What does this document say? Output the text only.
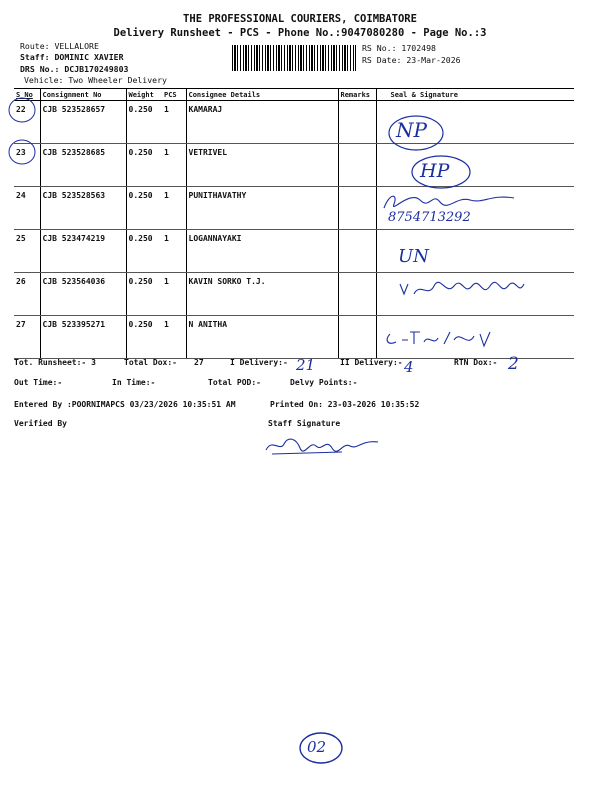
THE PROFESSIONAL COURIERS, COIMBATORE
Delivery Runsheet - PCS - Phone No.:9047080280 - Page No.:3
Route: VELLALORE
Staff: DOMINIC XAVIER
DRS No.: DCJB170249803
Vehicle: Two Wheeler Delivery
RS No.: 1702498
RS Date: 23-Mar-2026
S_No	Consignment No	Weight	PCS	Consignee Details	Remarks	Seal & Signature
22	CJB 523528657	0.250	1	KAMARAJ		
23	CJB 523528685	0.250	1	VETRIVEL		
24	CJB 523528563	0.250	1	PUNITHAVATHY		
25	CJB 523474219	0.250	1	LOGANNAYAKI		
26	CJB 523564036	0.250	1	KAVIN SORKO T.J.		
27	CJB 523395271	0.250	1	N ANITHA		
NP
HP
8754713292
UN
Tot. Runsheet:- 3	Total Dox:- 27	I Delivery:- 21	II Delivery:- 4	RTN Dox:- 2
Out Time:-	In Time:-	Total POD:-	Delvy Points:-
Entered By :POORNIMAPCS 03/23/2026 10:35:51 AM	Printed On: 23-03-2026 10:35:52
Verified By	Staff Signature
02
